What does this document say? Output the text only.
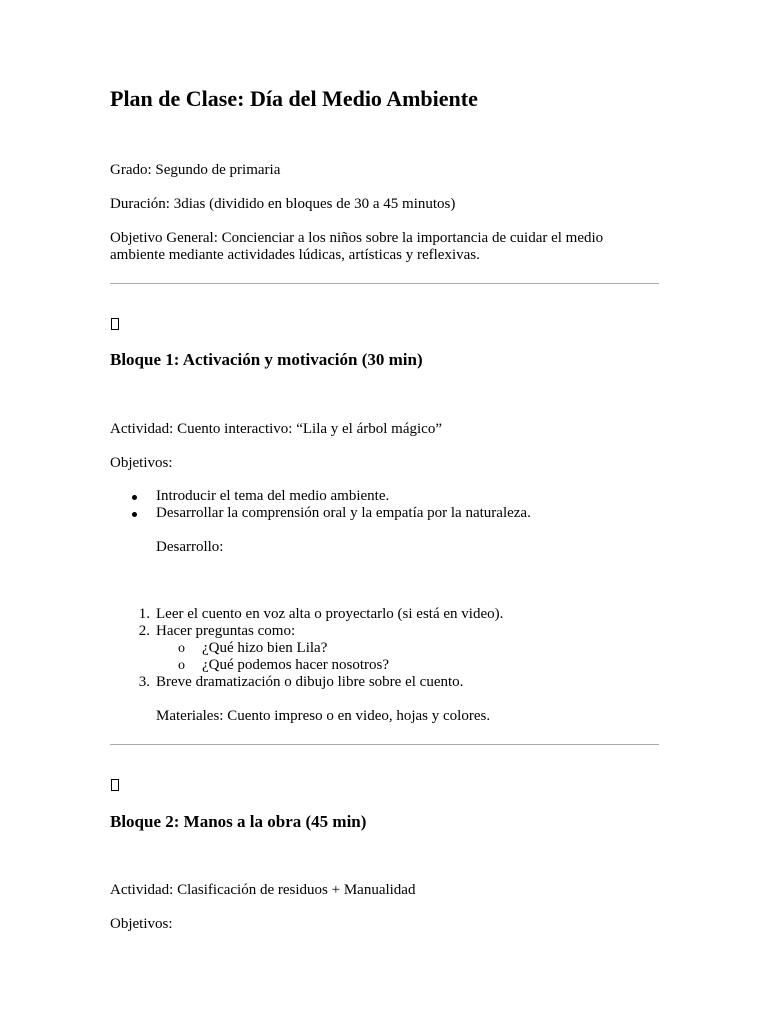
Plan de Clase: Día del Medio Ambiente

Grado: Segundo de primaria

Duración: 3dias (dividido en bloques de 30 a 45 minutos)

Objetivo General: Concienciar a los niños sobre la importancia de cuidar el medio ambiente mediante actividades lúdicas, artísticas y reflexivas.

Bloque 1: Activación y motivación (30 min)

Actividad: Cuento interactivo: “Lila y el árbol mágico”

Objetivos:

Introducir el tema del medio ambiente.

Desarrollar la comprensión oral y la empatía por la naturaleza.

Desarrollo:

1. Leer el cuento en voz alta o proyectarlo (si está en video).

2. Hacer preguntas como:

o ¿Qué hizo bien Lila?

o ¿Qué podemos hacer nosotros?

3. Breve dramatización o dibujo libre sobre el cuento.

Materiales: Cuento impreso o en video, hojas y colores.

Bloque 2: Manos a la obra (45 min)

Actividad: Clasificación de residuos + Manualidad

Objetivos:
